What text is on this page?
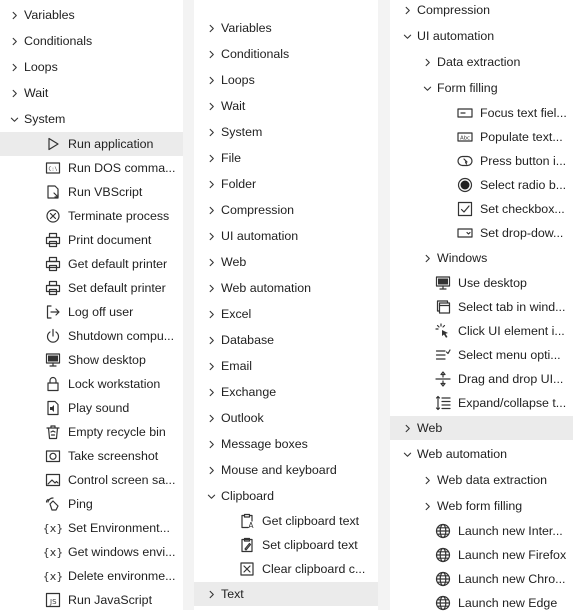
Variables
Conditionals
Loops
Wait
System
Run application
C:\ Run DOS comma...
Run VBScript
Terminate process
Print document
Get default printer
Set default printer
Log off user
Shutdown compu...
Show desktop
Lock workstation
Play sound
Empty recycle bin
Take screenshot
Control screen sa...
Ping
{x} Set Environment...
{x} Get windows envi...
{x} Delete environme...
JS Run JavaScript
Variables
Conditionals
Loops
Wait
System
File
Folder
Compression
UI automation
Web
Web automation
Excel
Database
Email
Exchange
Outlook
Message boxes
Mouse and keyboard
Clipboard
A Get clipboard text
Set clipboard text
Clear clipboard c...
Text
Compression
UI automation
Data extraction
Form filling
Focus text fiel...
Abc Populate text...
Press button i...
Select radio b...
Set checkbox...
Set drop-dow...
Windows
Use desktop
Select tab in wind...
Click UI element i...
Select menu opti...
Drag and drop UI...
Expand/collapse t...
Web
Web automation
Web data extraction
Web form filling
Launch new Inter...
Launch new Firefox
Launch new Chro...
Launch new Edge
